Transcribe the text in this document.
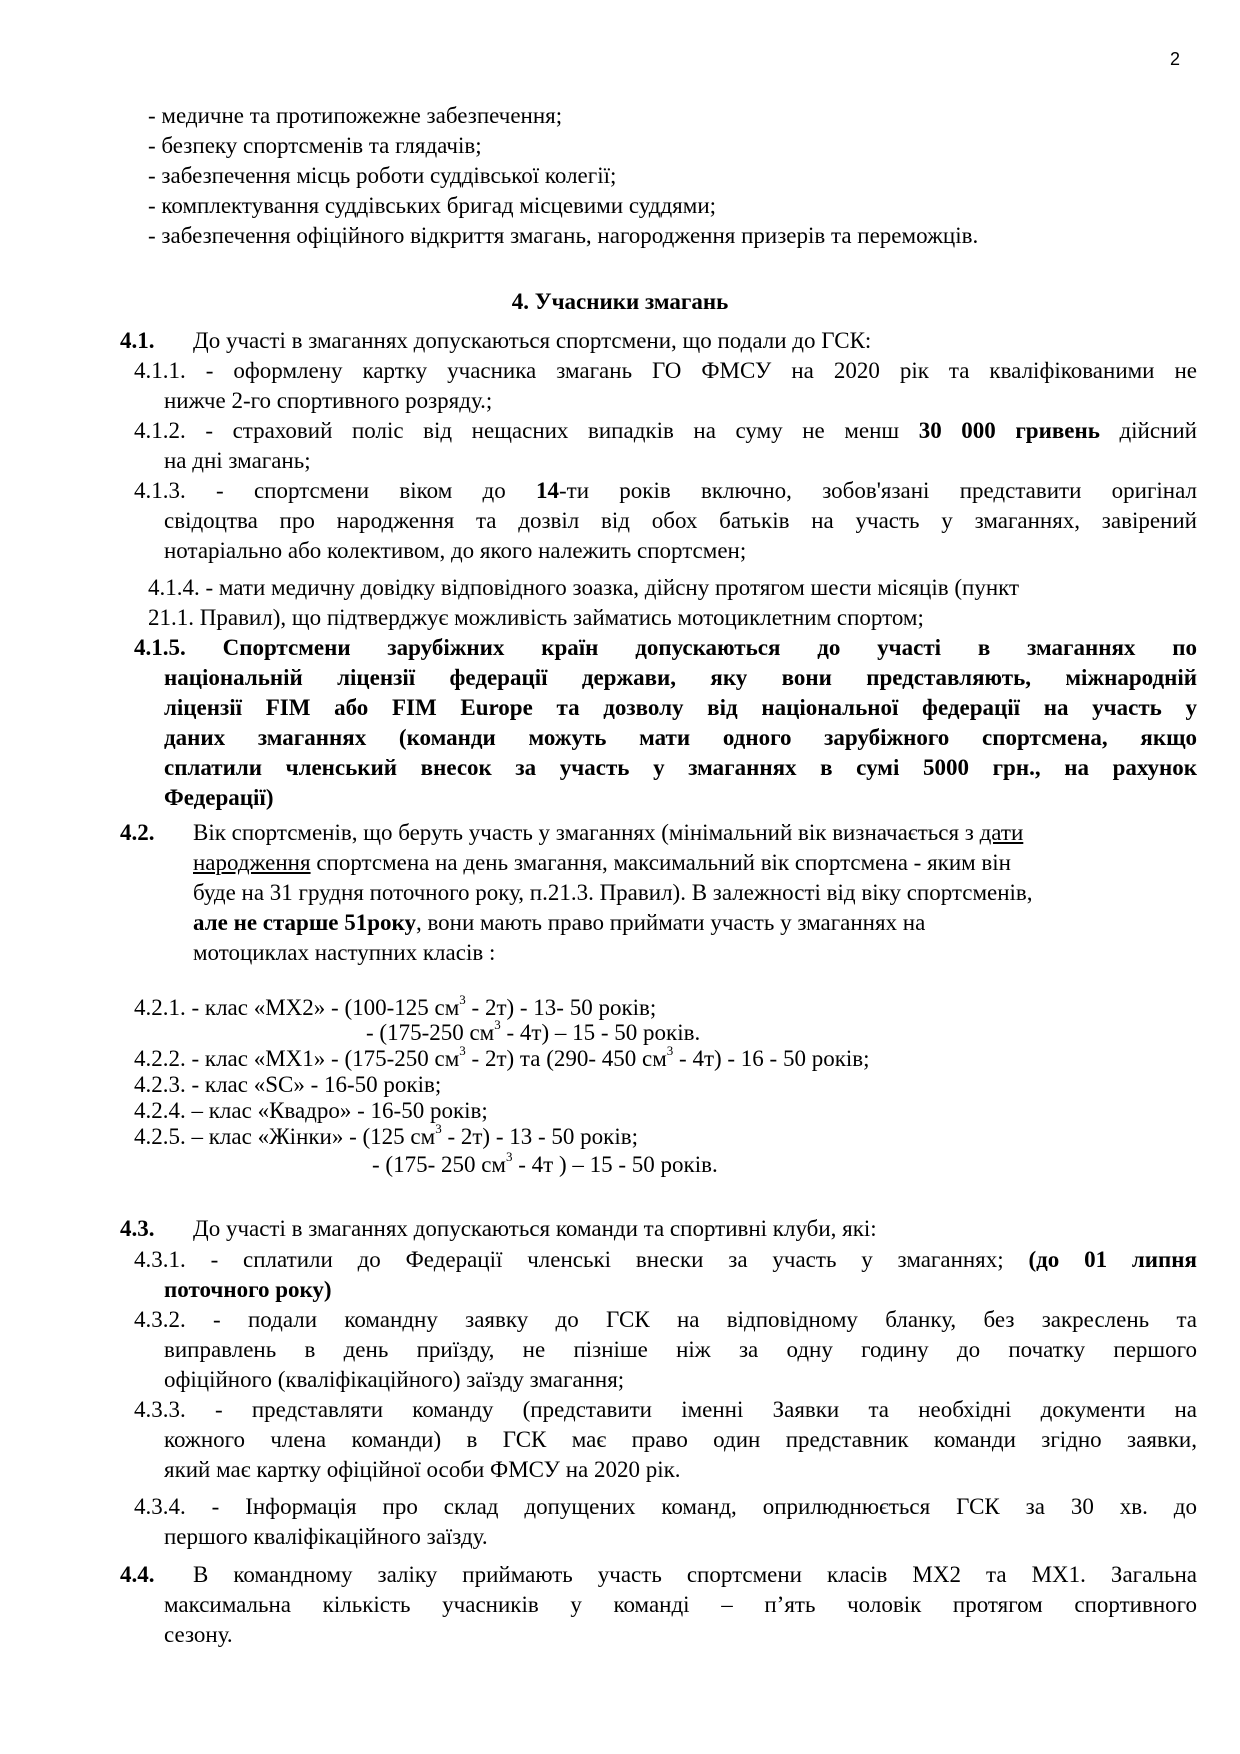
2
- медичне та протипожежне забезпечення;
- безпеку спортсменів та глядачів;
- забезпечення місць роботи суддівської колегії;
- комплектування суддівських бригад місцевими суддями;
- забезпечення офіційного відкриття змагань, нагородження призерів та переможців.
4. Учасники змагань
4.1. До участі в змаганнях допускаються спортсмени, що подали до ГСК:
4.1.1. - оформлену картку учасника змагань ГО ФМСУ на 2020 рік та кваліфікованими не
нижче 2-го спортивного розряду.;
4.1.2. - страховий поліс від нещасних випадків на суму не менш 30 000 гривень дійсний
на дні змагань;
4.1.3. - спортсмени віком до 14-ти років включно, зобов'язані представити оригінал
свідоцтва про народження та дозвіл від обох батьків на участь у змаганнях, завірений
нотаріально або колективом, до якого належить спортсмен;
4.1.4. - мати медичну довідку відповідного зоазка, дійсну протягом шести місяців (пункт
21.1. Правил), що підтверджує можливість займатись мотоциклетним спортом;
4.1.5. Спортсмени зарубіжних країн допускаються до участі в змаганнях по
національній ліцензії федерації держави, яку вони представляють, міжнародній
ліцензії FIM або FIM Europe та дозволу від національної федерації на участь у
даних змаганнях (команди можуть мати одного зарубіжного спортсмена, якщо
сплатили членський внесок за участь у змаганнях в сумі 5000 грн., на рахунок
Федерації)
4.2. Вік спортсменів, що беруть участь у змаганнях (мінімальний вік визначається з дати
народження спортсмена на день змагання, максимальний вік спортсмена - яким він
буде на 31 грудня поточного року, п.21.3. Правил). В залежності від віку спортсменів,
але не старше 51року, вони мають право приймати участь у змаганнях на
мотоциклах наступних класів :
4.2.1. - клас «MX2» - (100-125 $см^3 - 2т) - 13-$ 50 років;
- (175-250 $см^3 - 4т) - 15 - 50$ років.
4.2.2. - клас «MX1» - (175-250 $см^3 - 2т$) та (290- 450 $см^3 - 4т) - 16 - 50$ років;
4.2.3. - клас «SC» - 16-50 років;
4.2.4. – клас «Квадро» - 16-50 років;
4.2.5. – клас «Жінки» - (125 $см^3 - 2т) - 13 - 50$ років;
- (175- 250 $см^3 - 4т$ ) – 15 - 50 років.
4.3. До участі в змаганнях допускаються команди та спортивні клуби, які:
4.3.1. - сплатили до Федерації членські внески за участь у змаганнях; (до 01 липня
поточного року)
4.3.2. - подали командну заявку до ГСК на відповідному бланку, без закреслень та
виправлень в день приїзду, не пізніше ніж за одну годину до початку першого
офіційного (кваліфікаційного) заїзду змагання;
4.3.3. - представляти команду (представити іменні Заявки та необхідні документи на
кожного члена команди) в ГСК має право один представник команди згідно заявки,
який має картку офіційної особи ФМСУ на 2020 рік.
4.3.4. - Інформація про склад допущених команд, оприлюднюється ГСК за 30 хв. до
першого кваліфікаційного заїзду.
4.4. В командному заліку приймають участь спортсмени класів MX2 та MX1. Загальна
максимальна кількість учасників у команді – п’ять чоловік протягом спортивного
сезону.
